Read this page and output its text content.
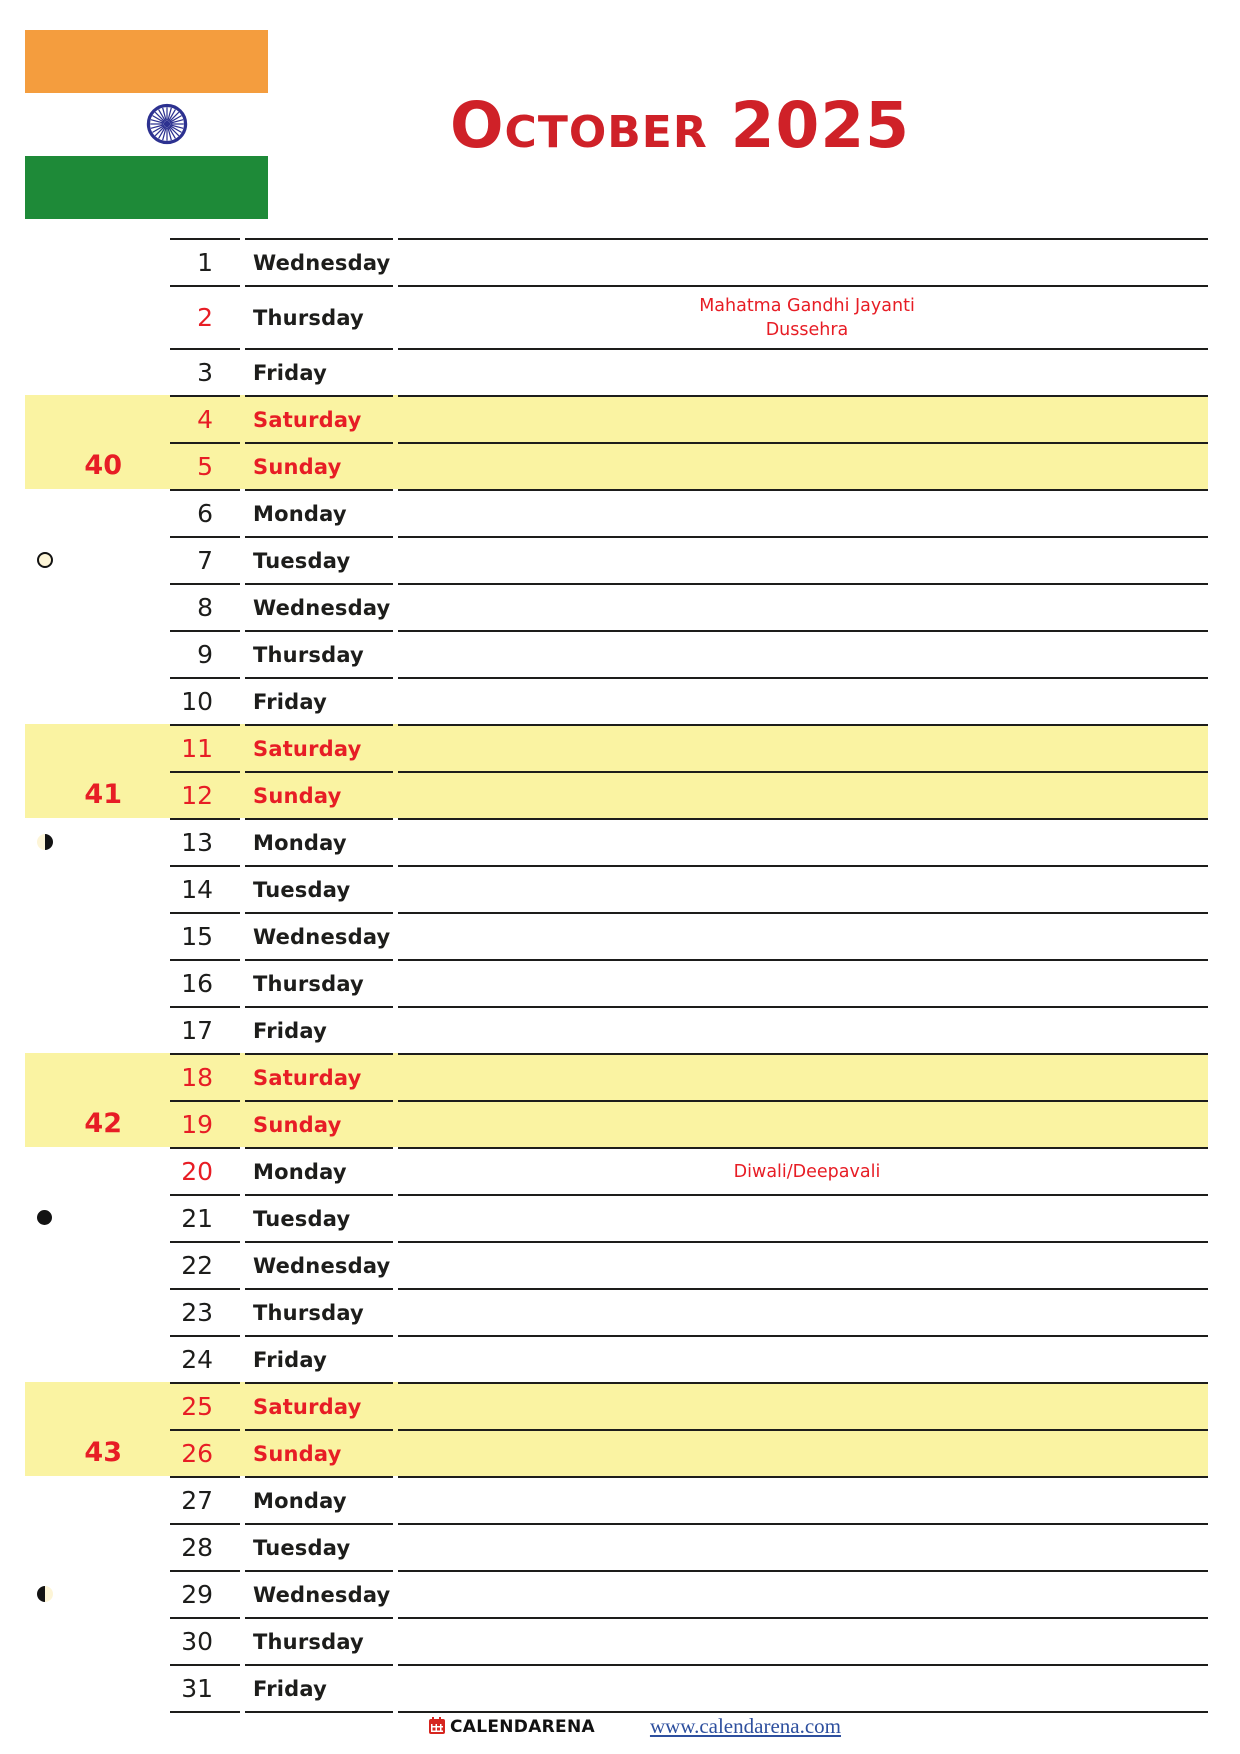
October 2025
1	Wednesday
2	Thursday	Mahatma Gandhi Jayanti
Dussehra
3	Friday
4	Saturday
5	Sunday
6	Monday
7	Tuesday
8	Wednesday
9	Thursday
10	Friday
11	Saturday
12	Sunday
13	Monday
14	Tuesday
15	Wednesday
16	Thursday
17	Friday
18	Saturday
19	Sunday
20	Monday	Diwali/Deepavali
21	Tuesday
22	Wednesday
23	Thursday
24	Friday
25	Saturday
26	Sunday
27	Monday
28	Tuesday
29	Wednesday
30	Thursday
31	Friday
CALENDARENA	www.calendarena.com
40
41
42
43
